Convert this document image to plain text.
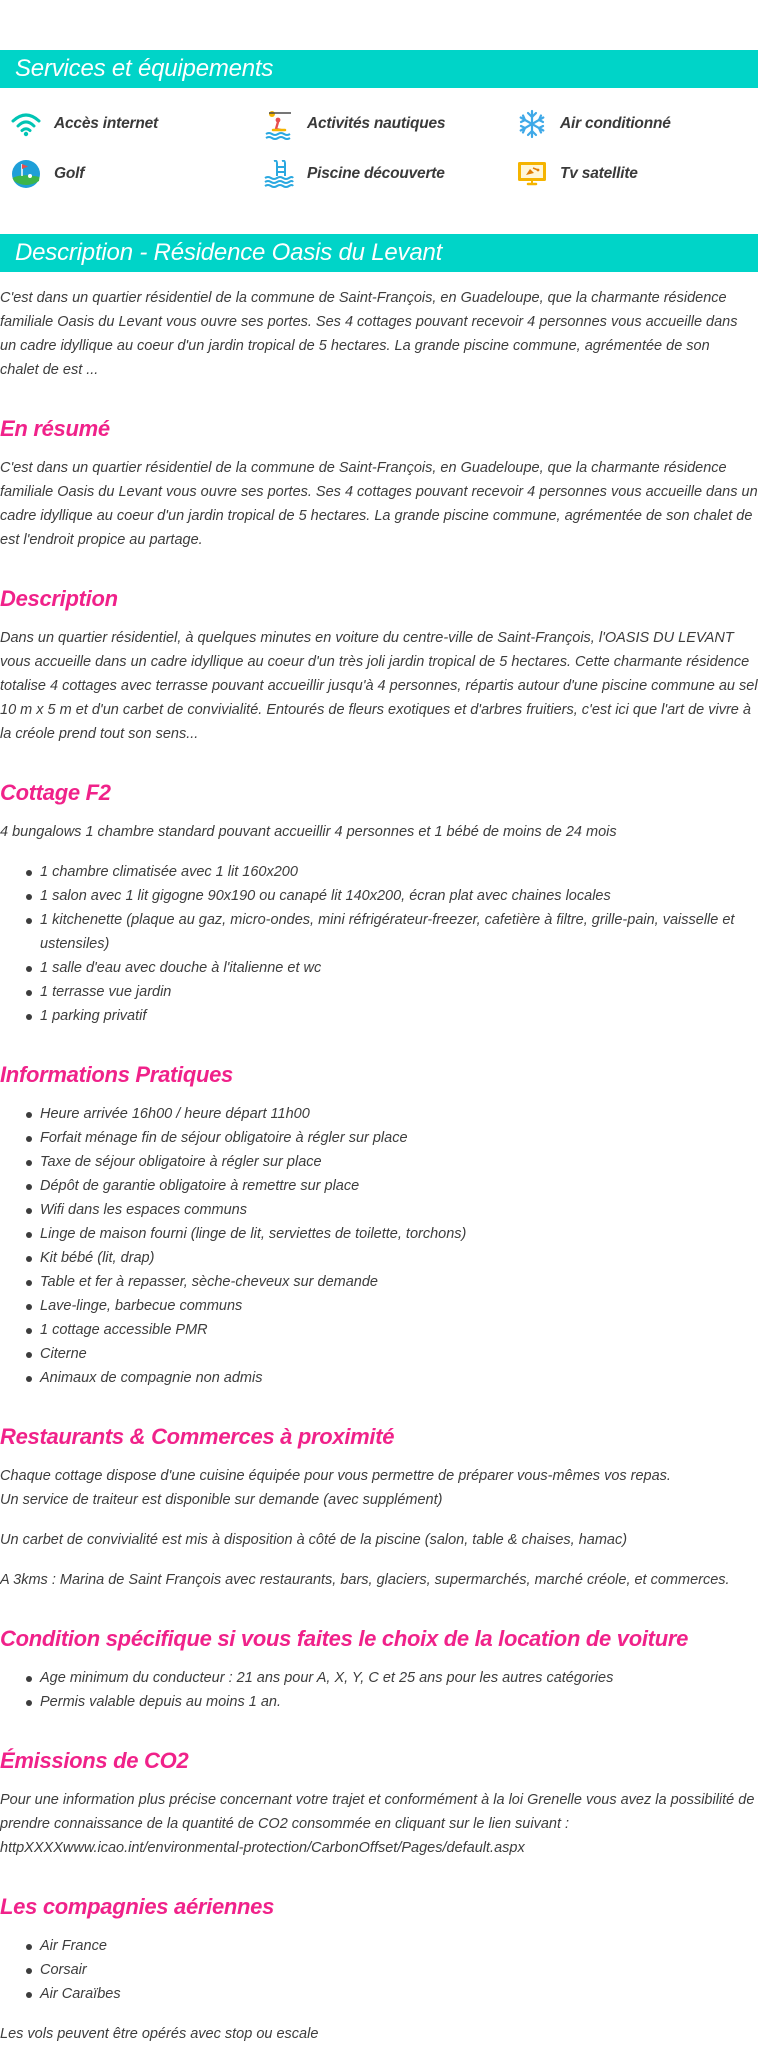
Services et équipements
Accès internet	Activités nautiques	Air conditionné
Golf	Piscine découverte	Tv satellite
Description - Résidence Oasis du Levant

C'est dans un quartier résidentiel de la commune de Saint-François, en Guadeloupe, que la charmante résidence familiale Oasis du Levant vous ouvre ses portes. Ses 4 cottages pouvant recevoir 4 personnes vous accueille dans un cadre idyllique au coeur d'un jardin tropical de 5 hectares. La grande piscine commune, agrémentée de son chalet de est ...

En résumé

C'est dans un quartier résidentiel de la commune de Saint-François, en Guadeloupe, que la charmante résidence familiale Oasis du Levant vous ouvre ses portes. Ses 4 cottages pouvant recevoir 4 personnes vous accueille dans un cadre idyllique au coeur d'un jardin tropical de 5 hectares. La grande piscine commune, agrémentée de son chalet de est l'endroit propice au partage.

Description

Dans un quartier résidentiel, à quelques minutes en voiture du centre-ville de Saint-François, l'OASIS DU LEVANT vous accueille dans un cadre idyllique au coeur d'un très joli jardin tropical de 5 hectares. Cette charmante résidence totalise 4 cottages avec terrasse pouvant accueillir jusqu'à 4 personnes, répartis autour d'une piscine commune au sel 10 m x 5 m et d'un carbet de convivialité. Entourés de fleurs exotiques et d'arbres fruitiers, c'est ici que l'art de vivre à la créole prend tout son sens...

Cottage F2

4 bungalows 1 chambre standard pouvant accueillir 4 personnes et 1 bébé de moins de 24 mois

1 chambre climatisée avec 1 lit 160x200
1 salon avec 1 lit gigogne 90x190 ou canapé lit 140x200, écran plat avec chaines locales
1 kitchenette (plaque au gaz, micro-ondes, mini réfrigérateur-freezer, cafetière à filtre, grille-pain, vaisselle et ustensiles)
1 salle d'eau avec douche à l'italienne et wc
1 terrasse vue jardin
1 parking privatif
Informations Pratiques
Heure arrivée 16h00 / heure départ 11h00
Forfait ménage fin de séjour obligatoire à régler sur place
Taxe de séjour obligatoire à régler sur place
Dépôt de garantie obligatoire à remettre sur place
Wifi dans les espaces communs
Linge de maison fourni (linge de lit, serviettes de toilette, torchons)
Kit bébé (lit, drap)
Table et fer à repasser, sèche-cheveux sur demande
Lave-linge, barbecue communs
1 cottage accessible PMR
Citerne
Animaux de compagnie non admis
Restaurants & Commerces à proximité

Chaque cottage dispose d'une cuisine équipée pour vous permettre de préparer vous-mêmes vos repas.
Un service de traiteur est disponible sur demande (avec supplément)

Un carbet de convivialité est mis à disposition à côté de la piscine (salon, table & chaises, hamac)

A 3kms : Marina de Saint François avec restaurants, bars, glaciers, supermarchés, marché créole, et commerces.

Condition spécifique si vous faites le choix de la location de voiture
Age minimum du conducteur : 21 ans pour A, X, Y, C et 25 ans pour les autres catégories
Permis valable depuis au moins 1 an.
Émissions de CO2

Pour une information plus précise concernant votre trajet et conformément à la loi Grenelle vous avez la possibilité de prendre connaissance de la quantité de CO2 consommée en cliquant sur le lien suivant :
httpXXXXwww.icao.int/environmental-protection/CarbonOffset/Pages/default.aspx

Les compagnies aériennes
Air France
Corsair
Air Caraïbes

Les vols peuvent être opérés avec stop ou escale
